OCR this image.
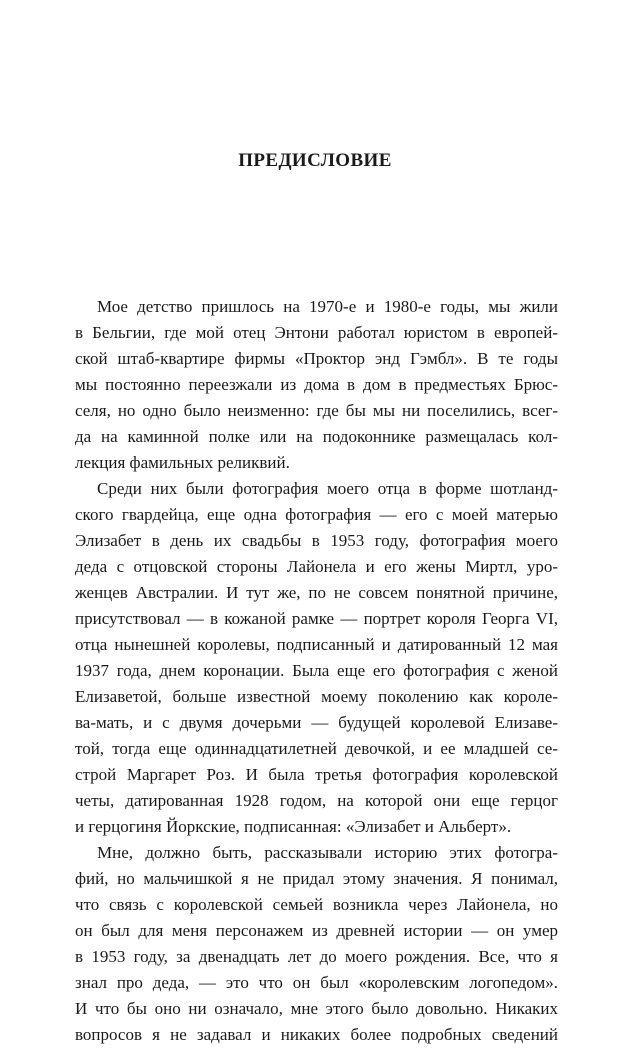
ПРЕДИСЛОВИЕ
Мое детство пришлось на 1970-е и 1980-е годы, мы жили
в Бельгии, где мой отец Энтони работал юристом в европей-
ской штаб-квартире фирмы «Проктор энд Гэмбл». В те годы
мы постоянно переезжали из дома в дом в предместьях Брюс-
селя, но одно было неизменно: где бы мы ни поселились, всег-
да на каминной полке или на подоконнике размещалась кол-
лекция фамильных реликвий.
Среди них были фотография моего отца в форме шотланд-
ского гвардейца, еще одна фотография — его с моей матерью
Элизабет в день их свадьбы в 1953 году, фотография моего
деда с отцовской стороны Лайонела и его жены Миртл, уро-
женцев Австралии. И тут же, по не совсем понятной причине,
присутствовал — в кожаной рамке — портрет короля Георга VI,
отца нынешней королевы, подписанный и датированный 12 мая
1937 года, днем коронации. Была еще его фотография с женой
Елизаветой, больше известной моему поколению как короле-
ва-мать, и с двумя дочерьми — будущей королевой Елизаве-
той, тогда еще одиннадцатилетней девочкой, и ее младшей се-
строй Маргарет Роз. И была третья фотография королевской
четы, датированная 1928 годом, на которой они еще герцог
и герцогиня Йоркские, подписанная: «Элизабет и Альберт».
Мне, должно быть, рассказывали историю этих фотогра-
фий, но мальчишкой я не придал этому значения. Я понимал,
что связь с королевской семьей возникла через Лайонела, но
он был для меня персонажем из древней истории — он умер
в 1953 году, за двенадцать лет до моего рождения. Все, что я
знал про деда, — это что он был «королевским логопедом».
И что бы оно ни означало, мне этого было довольно. Никаких
вопросов я не задавал и никаких более подробных сведений
